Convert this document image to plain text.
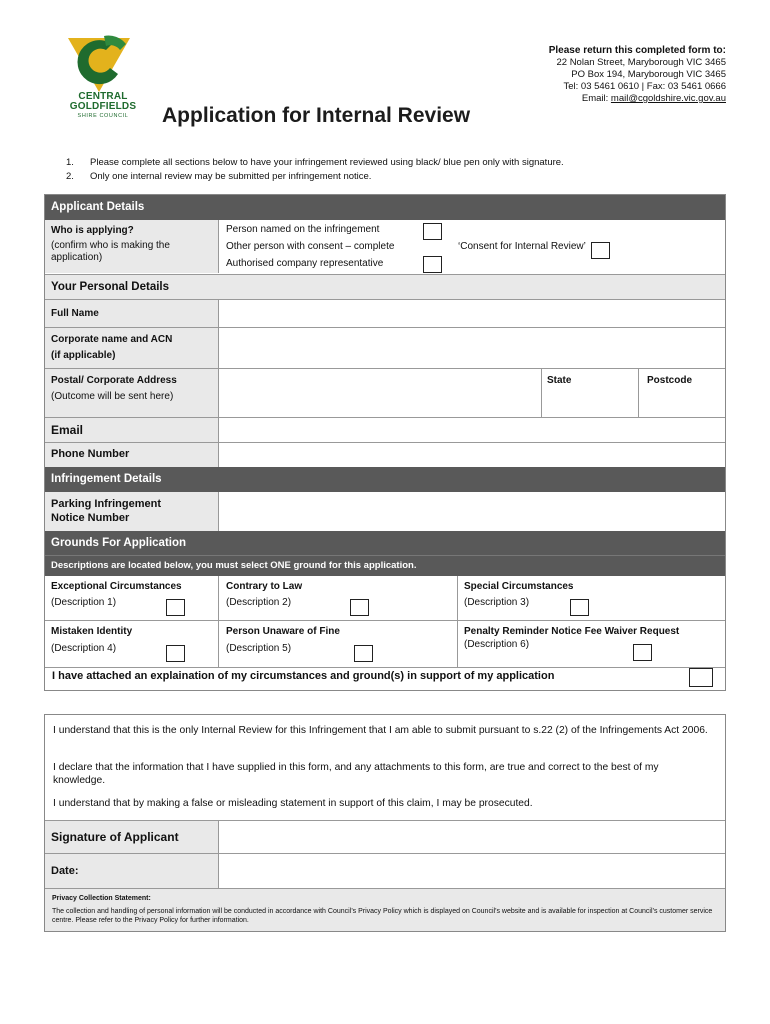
CENTRAL
GOLDFIELDS
SHIRE COUNCIL
Please return this completed form to:
22 Nolan Street, Maryborough VIC 3465
PO Box 194, Maryborough VIC 3465
Tel: 03 5461 0610 | Fax: 03 5461 0666
Email: mail@cgoldshire.vic.gov.au
Application for Internal Review
1. Please complete all sections below to have your infringement reviewed using black/ blue pen only with signature.
2. Only one internal review may be submitted per infringement notice.
Applicant Details
Who is applying?
(confirm who is making the application)
Person named on the infringement
Other person with consent – complete
Authorised company representative
‘Consent for Internal Review’
Your Personal Details
Full Name
Corporate name and ACN
(if applicable)
Postal/ Corporate Address
(Outcome will be sent here)
State	Postcode
Email
Phone Number
Infringement Details
Parking Infringement
Notice Number
Grounds For Application
Descriptions are located below, you must select ONE ground for this application.
Exceptional Circumstances
(Description 1)
Contrary to Law
(Description 2)
Special Circumstances
(Description 3)
Mistaken Identity
(Description 4)
Person Unaware of Fine
(Description 5)
Penalty Reminder Notice Fee Waiver Request
(Description 6)
I have attached an explaination of my circumstances and ground(s) in support of my application
I understand that this is the only Internal Review for this Infringement that I am able to submit pursuant to s.22 (2) of the Infringements Act 2006.
I declare that the information that I have supplied in this form, and any attachments to this form, are true and correct to the best of my knowledge.
I understand that by making a false or misleading statement in support of this claim, I may be prosecuted.
Signature of Applicant
Date:
Privacy Collection Statement:
The collection and handling of personal information will be conducted in accordance with Council’s Privacy Policy which is displayed on Council’s website and is available for inspection at Council’s customer service centre. Please refer to the Privacy Policy for further information.
